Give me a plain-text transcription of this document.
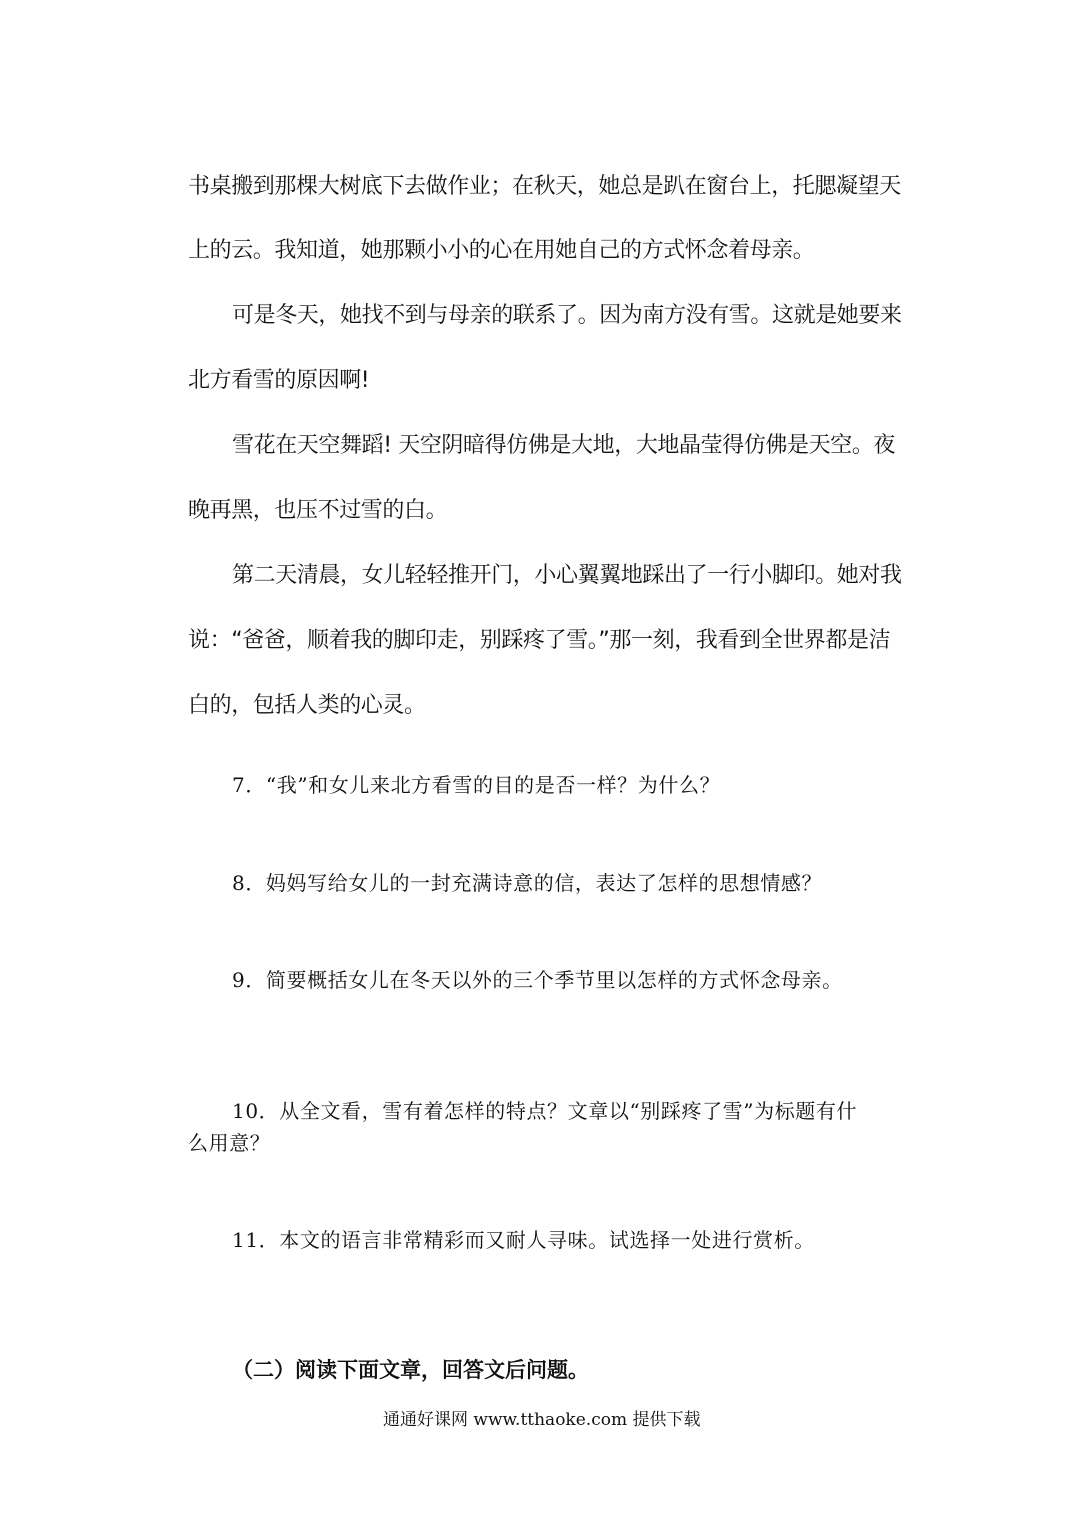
书桌搬到那棵大树底下去做作业；在秋天，她总是趴在窗台上，托腮凝望天

上的云。我知道，她那颗小小的心在用她自己的方式怀念着母亲。

可是冬天，她找不到与母亲的联系了。因为南方没有雪。这就是她要来

北方看雪的原因啊!

雪花在天空舞蹈! 天空阴暗得仿佛是大地，大地晶莹得仿佛是天空。夜

晚再黑，也压不过雪的白。

第二天清晨，女儿轻轻推开门，小心翼翼地踩出了一行小脚印。她对我

说：“爸爸，顺着我的脚印走，别踩疼了雪。”那一刻，我看到全世界都是洁

白的，包括人类的心灵。

7．“我”和女儿来北方看雪的目的是否一样？为什么？

8．妈妈写给女儿的一封充满诗意的信，表达了怎样的思想情感？

9．简要概括女儿在冬天以外的三个季节里以怎样的方式怀念母亲。

10．从全文看，雪有着怎样的特点？文章以“别踩疼了雪”为标题有什

么用意？

11．本文的语言非常精彩而又耐人寻味。试选择一处进行赏析。

（二）阅读下面文章，回答文后问题。

通通好课网 www.tthaoke.com 提供下载
